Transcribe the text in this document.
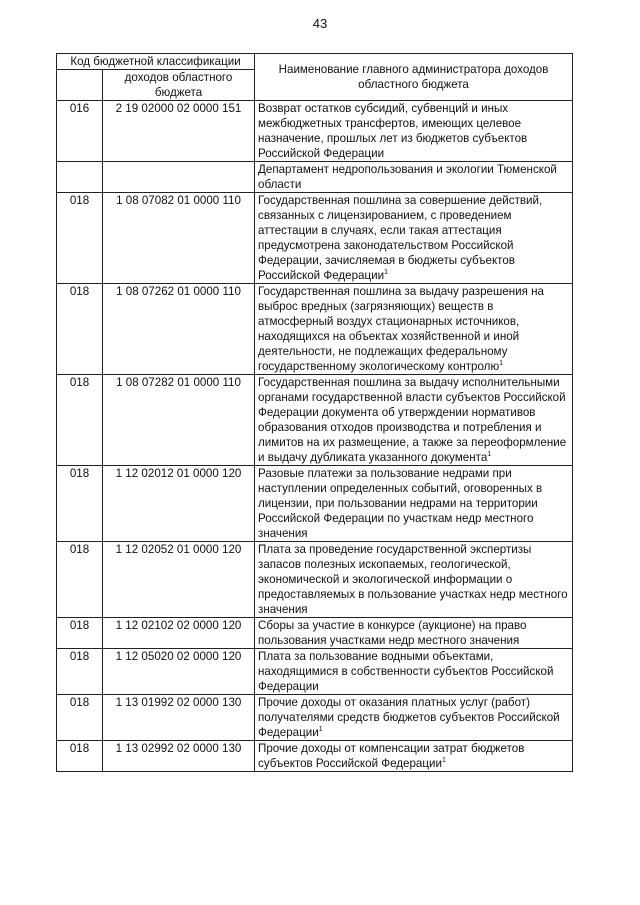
43
Код бюджетной классификации		Наименование главного администратора доходов областного бюджета
	доходов областного бюджета	
016	2 19 02000 02 0000 151	Возврат остатков субсидий, субвенций и иных межбюджетных трансфертов, имеющих целевое назначение, прошлых лет из бюджетов субъектов Российской Федерации
		Департамент недропользования и экологии Тюменской области
018	1 08 07082 01 0000 110	Государственная пошлина за совершение действий, связанных с лицензированием, с проведением аттестации в случаях, если такая аттестация предусмотрена законодательством Российской Федерации, зачисляемая в бюджеты субъектов Российской Федерации$^1$
018	1 08 07262 01 0000 110	Государственная пошлина за выдачу разрешения на выброс вредных (загрязняющих) веществ в атмосферный воздух стационарных источников, находящихся на объектах хозяйственной и иной деятельности, не подлежащих федеральному государственному экологическому контролю$^1$
018	1 08 07282 01 0000 110	Государственная пошлина за выдачу исполнительными органами государственной власти субъектов Российской Федерации документа об утверждении нормативов образования отходов производства и потребления и лимитов на их размещение, а также за переоформление и выдачу дубликата указанного документа$^1$
018	1 12 02012 01 0000 120	Разовые платежи за пользование недрами при наступлении определенных событий, оговоренных в лицензии, при пользовании недрами на территории Российской Федерации по участкам недр местного значения
018	1 12 02052 01 0000 120	Плата за проведение государственной экспертизы запасов полезных ископаемых, геологической, экономической и экологической информации о предоставляемых в пользование участках недр местного значения
018	1 12 02102 02 0000 120	Сборы за участие в конкурсе (аукционе) на право пользования участками недр местного значения
018	1 12 05020 02 0000 120	Плата за пользование водными объектами, находящимися в собственности субъектов Российской Федерации
018	1 13 01992 02 0000 130	Прочие доходы от оказания платных услуг (работ) получателями средств бюджетов субъектов Российской Федерации$^1$
018	1 13 02992 02 0000 130	Прочие доходы от компенсации затрат бюджетов субъектов Российской Федерации$^1$
